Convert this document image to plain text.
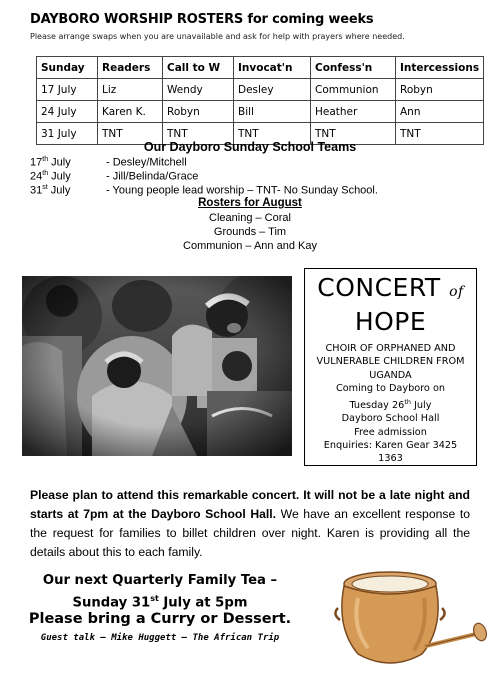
DAYBORO WORSHIP ROSTERS for coming weeks
Please arrange swaps when you are unavailable and ask for help with prayers where needed.
Sunday	Readers	Call to W	Invocat'n	Confess'n	Intercessions
17 July	Liz	Wendy	Desley	Communion	Robyn
24 July	Karen K.	Robyn	Bill	Heather	Ann
31 July	TNT	TNT	TNT	TNT	TNT
Our Dayboro Sunday School Teams
17th July	- Desley/Mitchell
24th July	- Jill/Belinda/Grace
31st July	- Young people lead worship – TNT- No Sunday School.
Rosters for August
Cleaning – Coral
Grounds – Tim
Communion – Ann and Kay
CONCERT of
HOPE
CHOIR OF ORPHANED AND VULNERABLE CHILDREN FROM UGANDA
Coming to Dayboro on
Tuesday 26th July
Dayboro School Hall
Free admission
Enquiries: Karen Gear 3425 1363
Please plan to attend this remarkable concert. It will not be a late night and starts at 7pm at the Dayboro School Hall. We have an excellent response to the request for families to billet children over night. Karen is providing all the details about this to each family.
Our next Quarterly Family Tea –
Sunday 31st July at 5pm
Please bring a Curry or Dessert.
Guest talk – Mike Huggett – The African Trip
